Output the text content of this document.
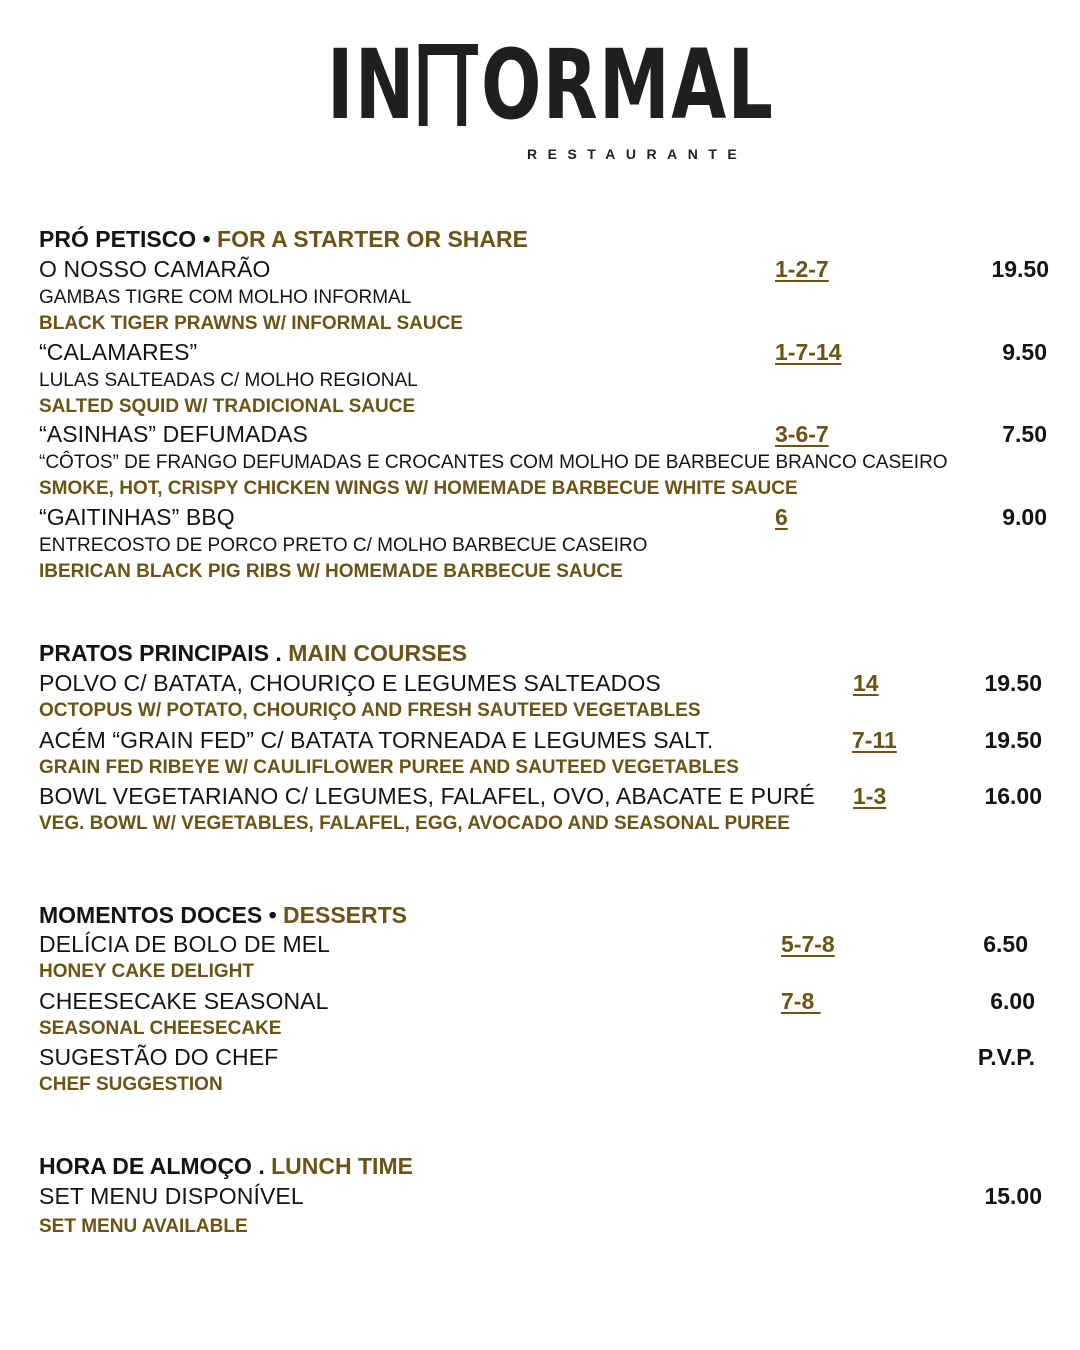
IN ORMAL
RESTAURANTE
PRÓ PETISCO • FOR A STARTER OR SHARE
O NOSSO CAMARÃO	1-2-7	19.50
GAMBAS TIGRE COM MOLHO INFORMAL
BLACK TIGER PRAWNS W/ INFORMAL SAUCE
“CALAMARES”	1-7-14	9.50
LULAS SALTEADAS C/ MOLHO REGIONAL
SALTED SQUID W/ TRADICIONAL SAUCE
“ASINHAS” DEFUMADAS	3-6-7	7.50
“CÔTOS” DE FRANGO DEFUMADAS E CROCANTES COM MOLHO DE BARBECUE BRANCO CASEIRO
SMOKE, HOT, CRISPY CHICKEN WINGS W/ HOMEMADE BARBECUE WHITE SAUCE
“GAITINHAS” BBQ	6	9.00
ENTRECOSTO DE PORCO PRETO C/ MOLHO BARBECUE CASEIRO
IBERICAN BLACK PIG RIBS W/ HOMEMADE BARBECUE SAUCE
PRATOS PRINCIPAIS . MAIN COURSES
POLVO C/ BATATA, CHOURIÇO E LEGUMES SALTEADOS	14	19.50
OCTOPUS W/ POTATO, CHOURIÇO AND FRESH SAUTEED VEGETABLES
ACÉM “GRAIN FED” C/ BATATA TORNEADA E LEGUMES SALT.	7-11	19.50
GRAIN FED RIBEYE W/ CAULIFLOWER PUREE AND SAUTEED VEGETABLES
BOWL VEGETARIANO C/ LEGUMES, FALAFEL, OVO, ABACATE E PURÉ 1-3	16.00
VEG. BOWL W/ VEGETABLES, FALAFEL, EGG, AVOCADO AND SEASONAL PUREE
MOMENTOS DOCES • DESSERTS
DELÍCIA DE BOLO DE MEL	5-7-8	6.50
HONEY CAKE DELIGHT
CHEESECAKE SEASONAL	7-8	6.00
SEASONAL CHEESECAKE
SUGESTÃO DO CHEF	P.V.P.
CHEF SUGGESTION
HORA DE ALMOÇO . LUNCH TIME
SET MENU DISPONÍVEL	15.00
SET MENU AVAILABLE
